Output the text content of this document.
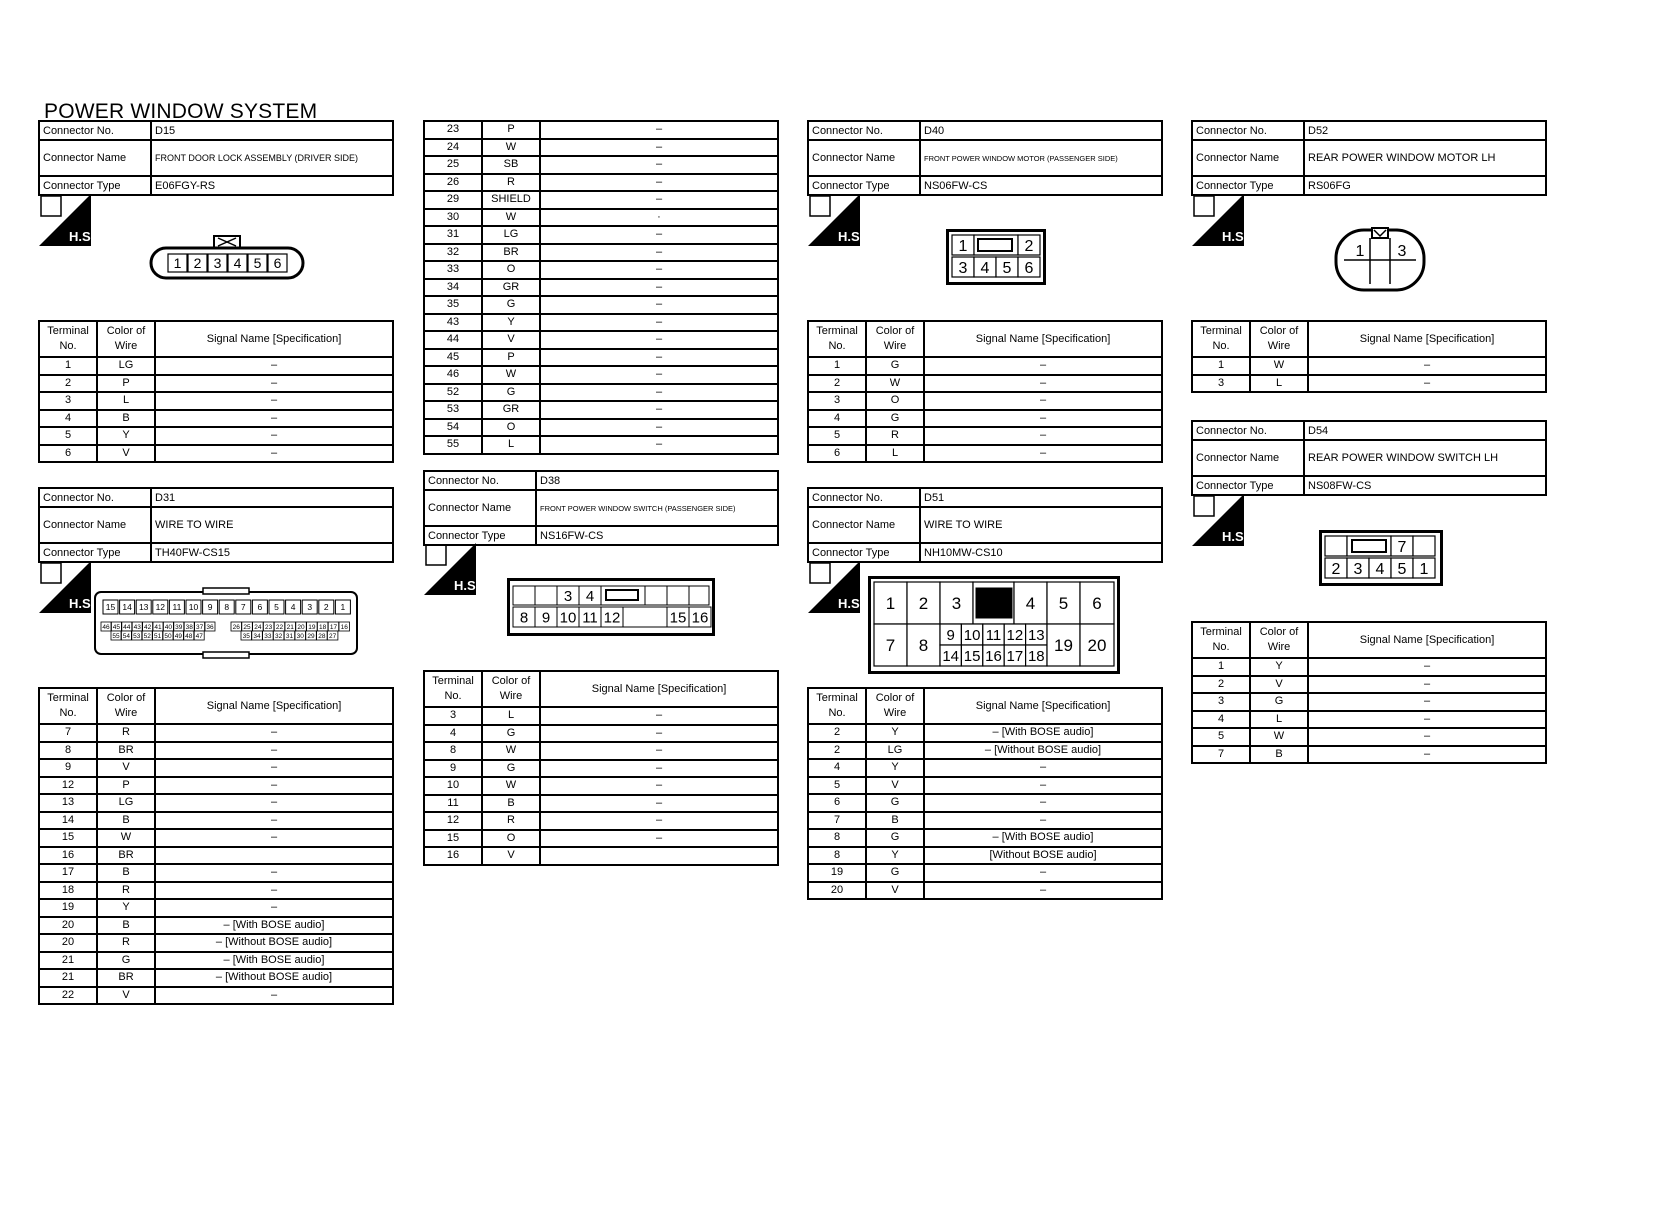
POWER WINDOW SYSTEM
Connector No.	D15
Connector Name	FRONT DOOR LOCK ASSEMBLY (DRIVER SIDE)
Connector Type	E06FGY-RS
H.S.
1 2 3 4 5 6
Terminal No.	Color of Wire	Signal Name [Specification]
1	LG	–
2	P	–
3	L	–
4	B	–
5	Y	–
6	V	–
Connector No.	D31
Connector Name	WIRE TO WIRE
Connector Type	TH40FW-CS15
H.S. 15 14 13 12 11 10 9 8 7 6 5 4 3 2 1
46 45 44 43 42 41 40 39 38 37 36	26 25 24 23 22 21 20 19 18 17 16
55 54 53 52 51 50 49 48 47	35 34 33 32 31 30 29 28 27
Terminal No.	Color of Wire	Signal Name [Specification]
7	R	–
8	BR	–
9	V	–
12	P	–
13	LG	–
14	B	–
15	W	–
16	BR	
17	B	–
18	R	–
19	Y	–
20	B	– [With BOSE audio]
20	R	– [Without BOSE audio]
21	G	– [With BOSE audio]
21	BR	– [Without BOSE audio]
22	V	–
23	P	–
24	W	–
25	SB	–
26	R	–
29	SHIELD	–
30	W	·
31	LG	–
32	BR	–
33	O	–
34	GR	–
35	G	–
43	Y	–
44	V	–
45	P	–
46	W	–
52	G	–
53	GR	–
54	O	–
55	L	–
Connector No.	D38
Connector Name	FRONT POWER WINDOW SWITCH (PASSENGER SIDE)
Connector Type	NS16FW-CS
H.S.
3 4
8 9 10 11 12	15 16
Terminal No.	Color of Wire	Signal Name [Specification]
3	L	–
4	G	–
8	W	–
9	G	–
10	W	–
11	B	–
12	R	–
15	O	–
16	V	
Connector No.	D40
Connector Name	FRONT POWER WINDOW MOTOR (PASSENGER SIDE)
Connector Type	NS06FW-CS
H.S.
1	2
3 4 5 6
Terminal No.	Color of Wire	Signal Name [Specification]
1	G	–
2	W	–
3	O	–
4	G	–
5	R	–
6	L	–
Connector No.	D51
Connector Name	WIRE TO WIRE
Connector Type	NH10MW-CS10
H.S. 1 2 3	4 5 6
7 8
9 10 11 12 13
14 15 16 17 18
19 20
Terminal No.	Color of Wire	Signal Name [Specification]
2	Y	– [With BOSE audio]
2	LG	– [Without BOSE audio]
4	Y	–
5	V	–
6	G	–
7	B	–
8	G	– [With BOSE audio]
8	Y	[Without BOSE audio]
19	G	–
20	V	–
Connector No.	D52
Connector Name	REAR POWER WINDOW MOTOR LH
Connector Type	RS06FG
H.S.
1 3
Terminal No.	Color of Wire	Signal Name [Specification]
1	W	–
3	L	–
Connector No.	D54
Connector Name	REAR POWER WINDOW SWITCH LH
Connector Type	NS08FW-CS
H.S.
7
2 3 4 5 1
Terminal No.	Color of Wire	Signal Name [Specification]
1	Y	–
2	V	–
3	G	–
4	L	–
5	W	–
7	B	–
